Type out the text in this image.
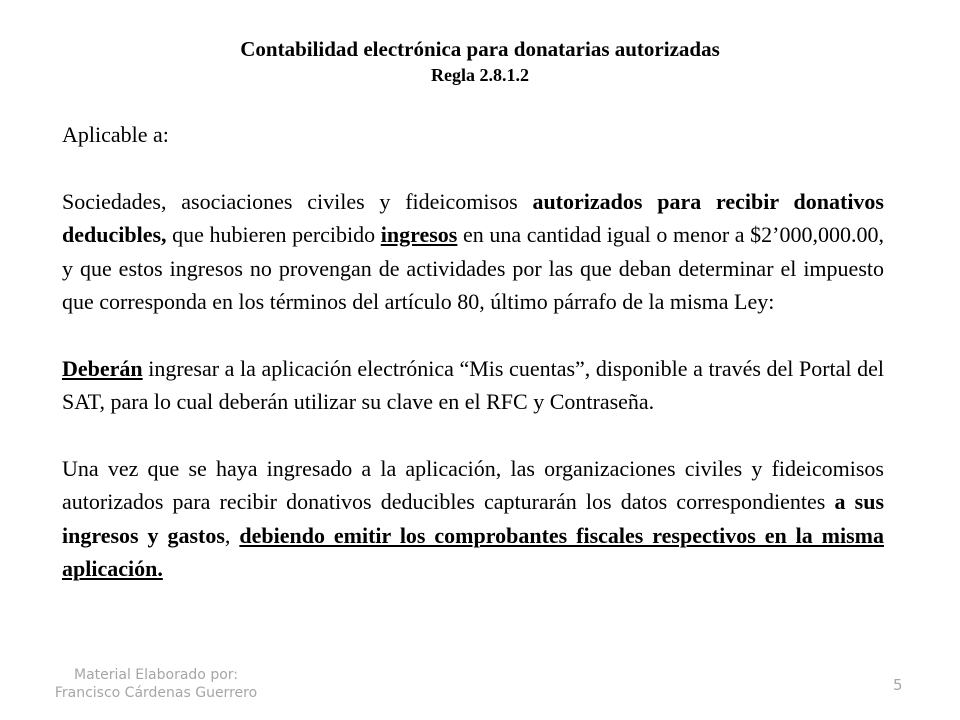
Contabilidad electrónica para donatarias autorizadas
Regla 2.8.1.2

Aplicable a:

Sociedades, asociaciones civiles y fideicomisos autorizados para recibir donativos deducibles, que hubieren percibido ingresos en una cantidad igual o menor a $2’000,000.00, y que estos ingresos no provengan de actividades por las que deban determinar el impuesto que corresponda en los términos del artículo 80, último párrafo de la misma Ley:

Deberán ingresar a la aplicación electrónica “Mis cuentas”, disponible a través del Portal del SAT, para lo cual deberán utilizar su clave en el RFC y Contraseña.

Una vez que se haya ingresado a la aplicación, las organizaciones civiles y fideicomisos autorizados para recibir donativos deducibles capturarán los datos correspondientes a sus ingresos y gastos, debiendo emitir los comprobantes fiscales respectivos en la misma aplicación.

Material Elaborado por:
Francisco Cárdenas Guerrero	5
